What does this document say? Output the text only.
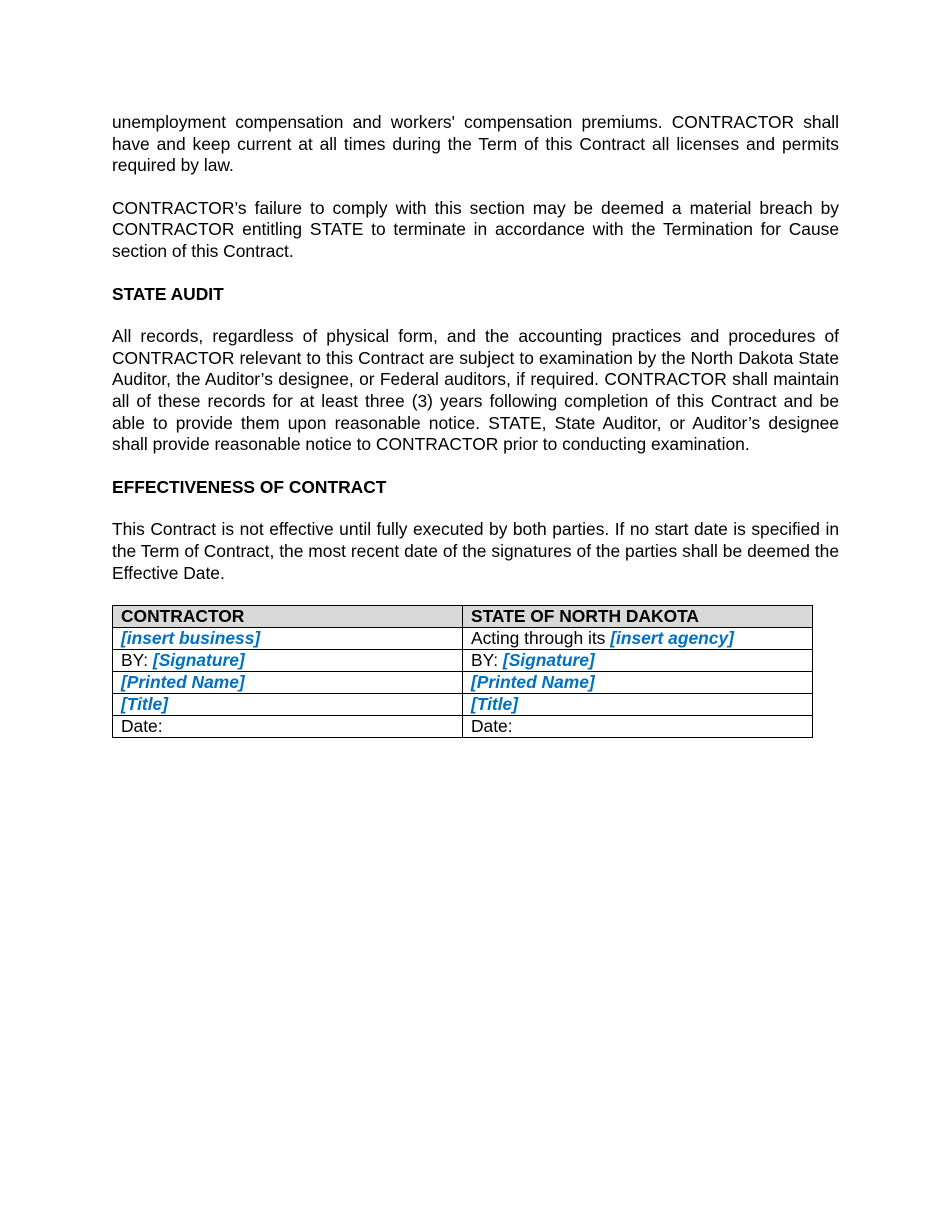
unemployment compensation and workers' compensation premiums. CONTRACTOR shall have and keep current at all times during the Term of this Contract all licenses and permits required by law.

CONTRACTOR’s failure to comply with this section may be deemed a material breach by CONTRACTOR entitling STATE to terminate in accordance with the Termination for Cause section of this Contract.

STATE AUDIT

All records, regardless of physical form, and the accounting practices and procedures of CONTRACTOR relevant to this Contract are subject to examination by the North Dakota State Auditor, the Auditor’s designee, or Federal auditors, if required. CONTRACTOR shall maintain all of these records for at least three (3) years following completion of this Contract and be able to provide them upon reasonable notice. STATE, State Auditor, or Auditor’s designee shall provide reasonable notice to CONTRACTOR prior to conducting examination.

EFFECTIVENESS OF CONTRACT

This Contract is not effective until fully executed by both parties. If no start date is specified in the Term of Contract, the most recent date of the signatures of the parties shall be deemed the Effective Date.

CONTRACTOR	STATE OF NORTH DAKOTA
[insert business]	Acting through its [insert agency]
BY: [Signature]	BY: [Signature]
[Printed Name]	[Printed Name]
[Title]	[Title]
Date:	Date:
